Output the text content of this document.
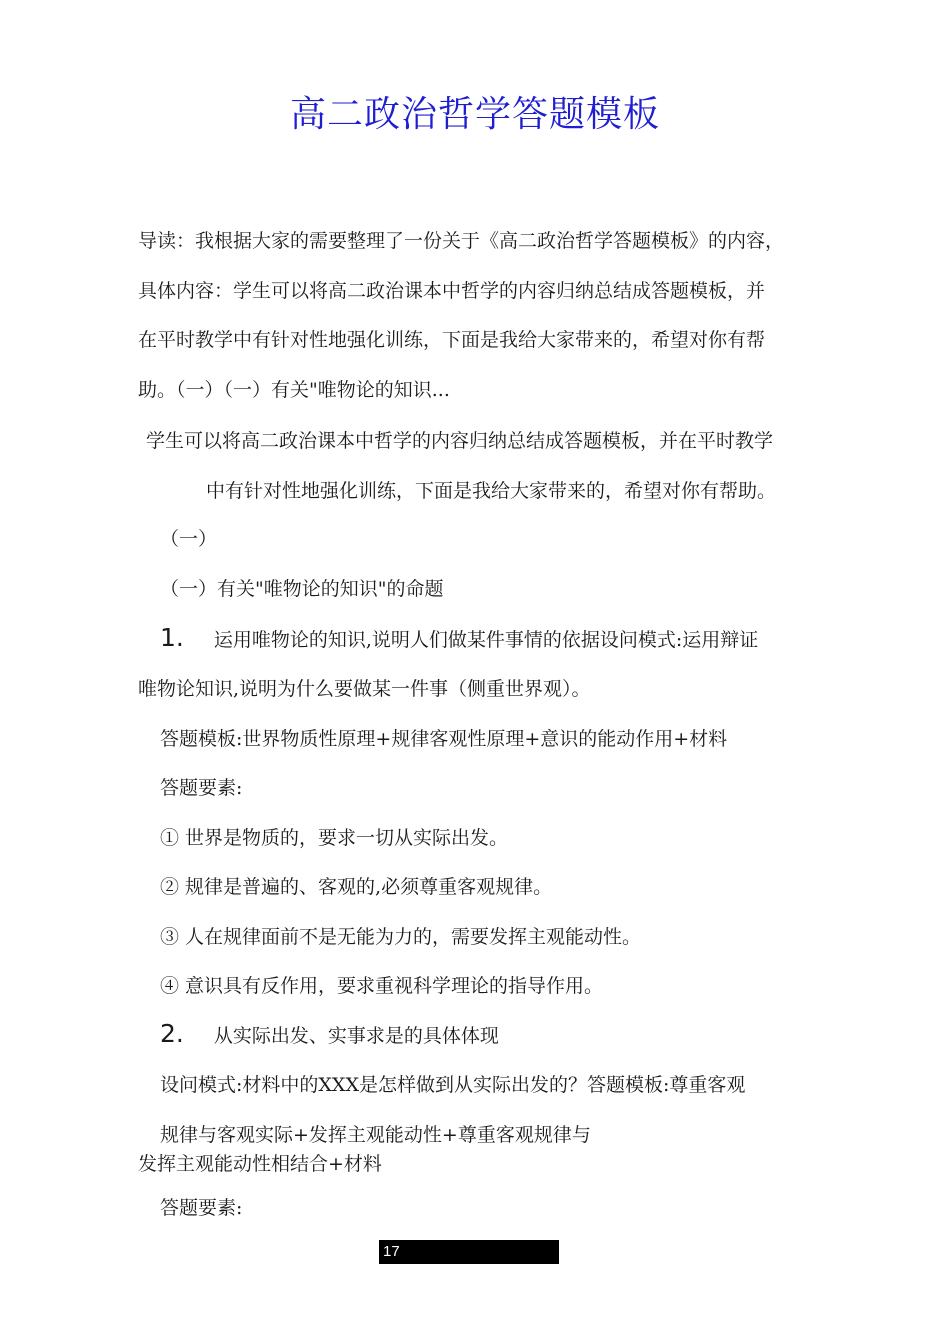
高二政治哲学答题模板
导读：我根据大家的需要整理了一份关于《高二政治哲学答题模板》的内容，
具体内容：学生可以将高二政治课本中哲学的内容归纳总结成答题模板，并
在平时教学中有针对性地强化训练，下面是我给大家带来的，希望对你有帮
助。（一）（一）有关"唯物论的知识...
学生可以将高二政治课本中哲学的内容归纳总结成答题模板，并在平时教学
中有针对性地强化训练，下面是我给大家带来的，希望对你有帮助。
（一）
（一）有关"唯物论的知识"的命题
1. 运用唯物论的知识,说明人们做某件事情的依据设问模式:运用辩证
唯物论知识,说明为什么要做某一件事（侧重世界观）。
答题模板:世界物质性原理+规律客观性原理+意识的能动作用+材料
答题要素:
① 世界是物质的，要求一切从实际出发。
② 规律是普遍的、客观的,必须尊重客观规律。
③ 人在规律面前不是无能为力的，需要发挥主观能动性。
④ 意识具有反作用，要求重视科学理论的指导作用。
2. 从实际出发、实事求是的具体体现
设问模式:材料中的XXX是怎样做到从实际出发的？答题模板:尊重客观
规律与客观实际+发挥主观能动性+尊重客观规律与
发挥主观能动性相结合+材料
答题要素:
17
